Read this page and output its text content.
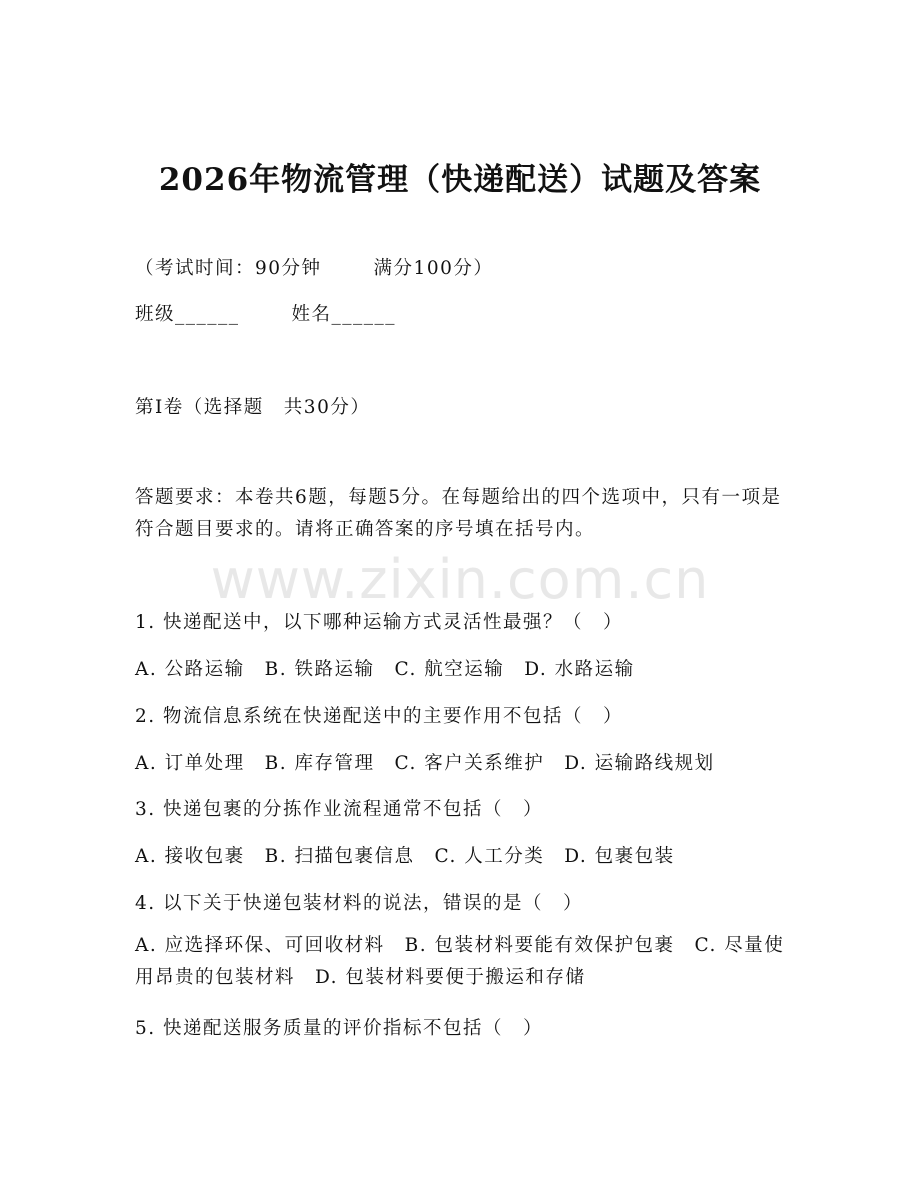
2026年物流管理（快递配送）试题及答案
（考试时间：90分钟	满分100分）
班级______	姓名______
第I卷（选择题　共30分）
答题要求：本卷共6题，每题5分。在每题给出的四个选项中，只有一项是符合题目要求的。请将正确答案的序号填在括号内。
www.zixin.com.cn
1. 快递配送中，以下哪种运输方式灵活性最强？（　）
A. 公路运输　B. 铁路运输　C. 航空运输　D. 水路运输
2. 物流信息系统在快递配送中的主要作用不包括（　）
A. 订单处理　B. 库存管理　C. 客户关系维护　D. 运输路线规划
3. 快递包裹的分拣作业流程通常不包括（　）
A. 接收包裹　B. 扫描包裹信息　C. 人工分类　D. 包裹包装
4. 以下关于快递包装材料的说法，错误的是（　）
A. 应选择环保、可回收材料　B. 包装材料要能有效保护包裹　C. 尽量使用昂贵的包装材料　D. 包装材料要便于搬运和存储
5. 快递配送服务质量的评价指标不包括（　）
